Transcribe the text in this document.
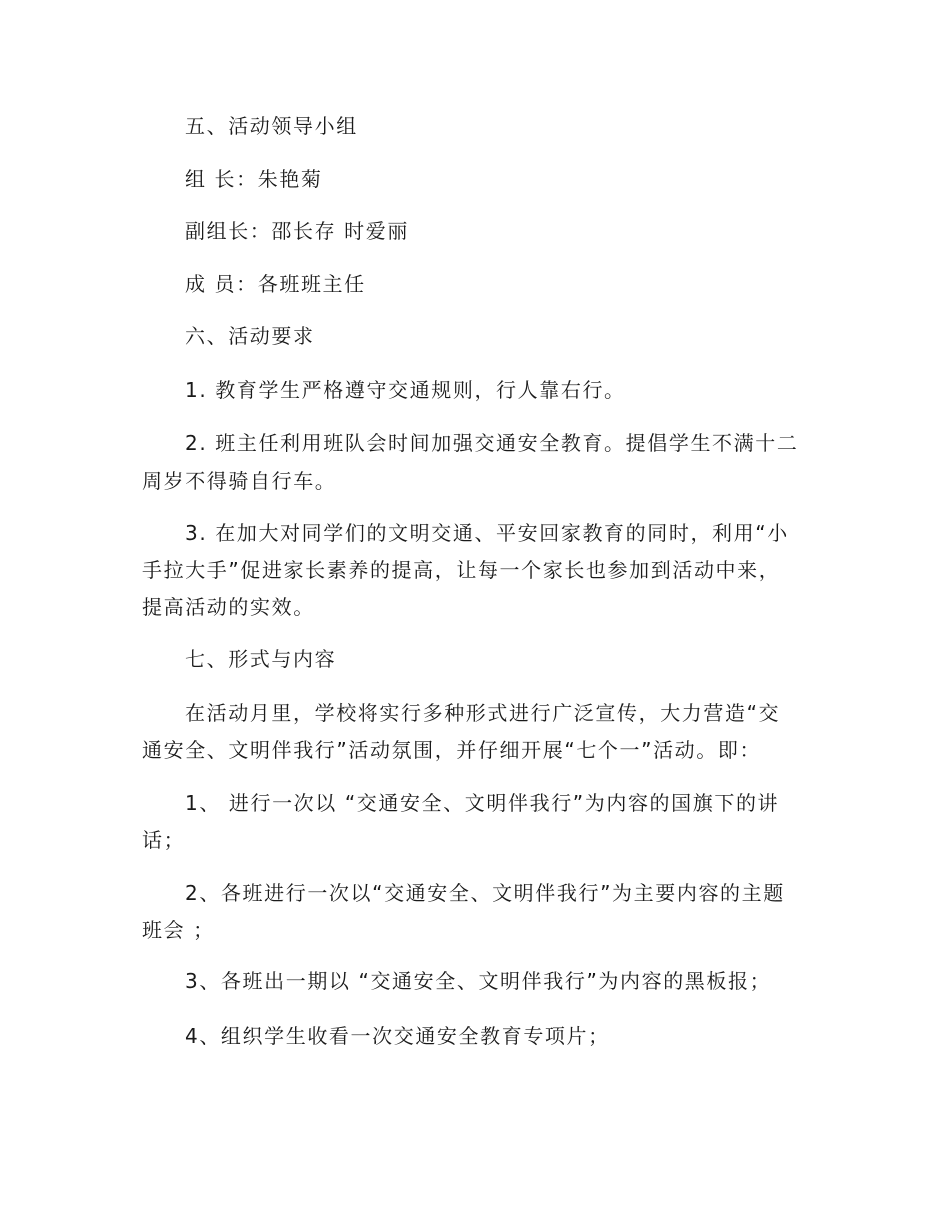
五、活动领导小组
组 长：朱艳菊
副组长：邵长存 时爱丽
成 员：各班班主任
六、活动要求
1. 教育学生严格遵守交通规则，行人靠右行。
2. 班主任利用班队会时间加强交通安全教育。提倡学生不满十二
周岁不得骑自行车。
3. 在加大对同学们的文明交通、平安回家教育的同时，利用“小
手拉大手”促进家长素养的提高，让每一个家长也参加到活动中来，
提高活动的实效。
七、形式与内容
在活动月里，学校将实行多种形式进行广泛宣传，大力营造“交
通安全、文明伴我行”活动氛围，并仔细开展“七个一”活动。即：
1、 进行一次以 “交通安全、文明伴我行”为内容的国旗下的讲
话；
2、各班进行一次以“交通安全、文明伴我行”为主要内容的主题
班会 ；
3、各班出一期以 “交通安全、文明伴我行”为内容的黑板报；
4、组织学生收看一次交通安全教育专项片；
